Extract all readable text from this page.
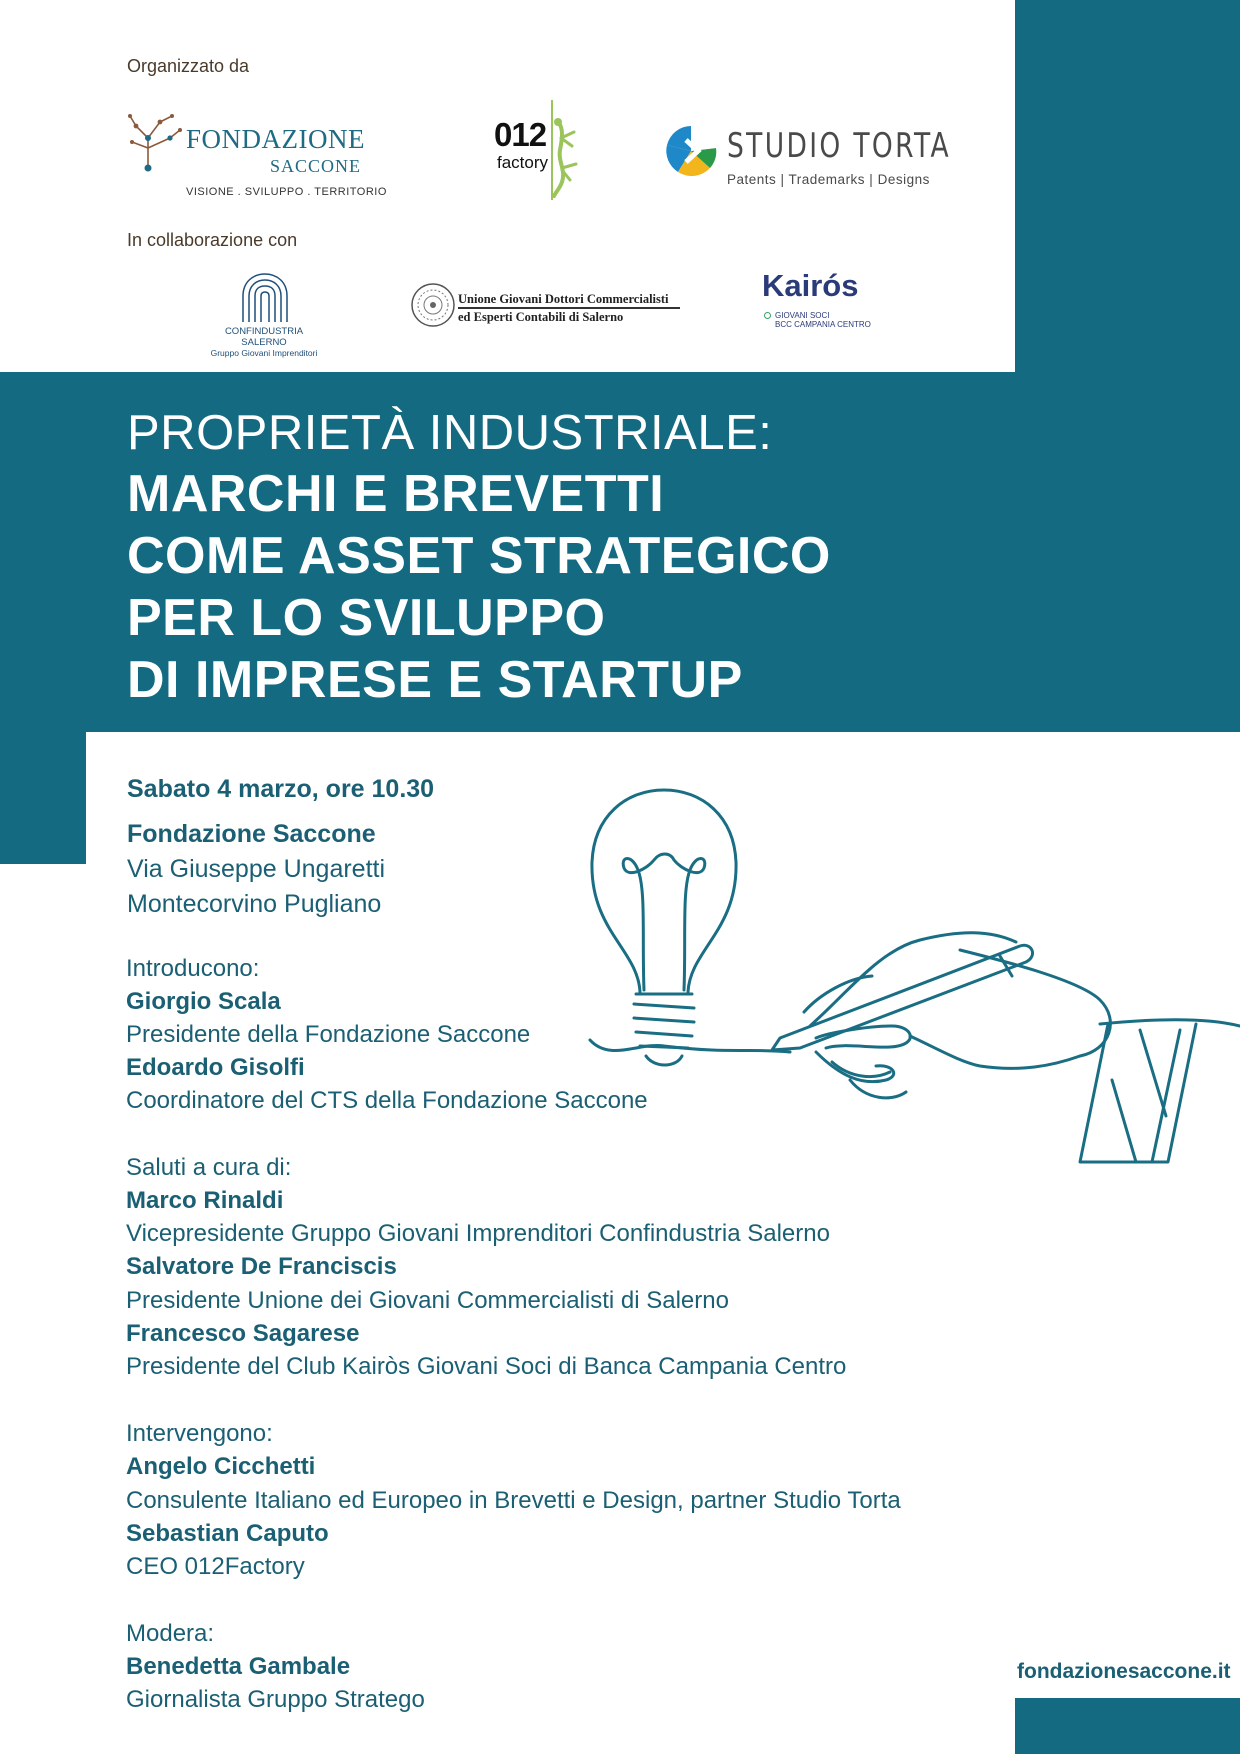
Organizzato da
In collaborazione con
FONDAZIONE
SACCONE
VISIONE . SVILUPPO . TERRITORIO
012
factory	STUDIO TORTA
Patents | Trademarks | Designs
CONFINDUSTRIA
SALERNO
Gruppo Giovani Imprenditori
Unione Giovani Dottori Commercialisti
ed Esperti Contabili di Salerno
Kairós
GIOVANI SOCI
BCC CAMPANIA CENTRO
PROPRIETÀ INDUSTRIALE:
MARCHI E BREVETTI
COME ASSET STRATEGICO
PER LO SVILUPPO
DI IMPRESE E STARTUP
Sabato 4 marzo, ore 10.30
Fondazione Saccone
Via Giuseppe Ungaretti
Montecorvino Pugliano
Introducono:
Giorgio Scala
Presidente della Fondazione Saccone
Edoardo Gisolfi
Coordinatore del CTS della Fondazione Saccone
Saluti a cura di:
Marco Rinaldi
Vicepresidente Gruppo Giovani Imprenditori Confindustria Salerno
Salvatore De Franciscis
Presidente Unione dei Giovani Commercialisti di Salerno
Francesco Sagarese
Presidente del Club Kairòs Giovani Soci di Banca Campania Centro
Intervengono:
Angelo Cicchetti
Consulente Italiano ed Europeo in Brevetti e Design, partner Studio Torta
Sebastian Caputo
CEO 012Factory
Modera:
Benedetta Gambale
Giornalista Gruppo Stratego
fondazionesaccone.it
